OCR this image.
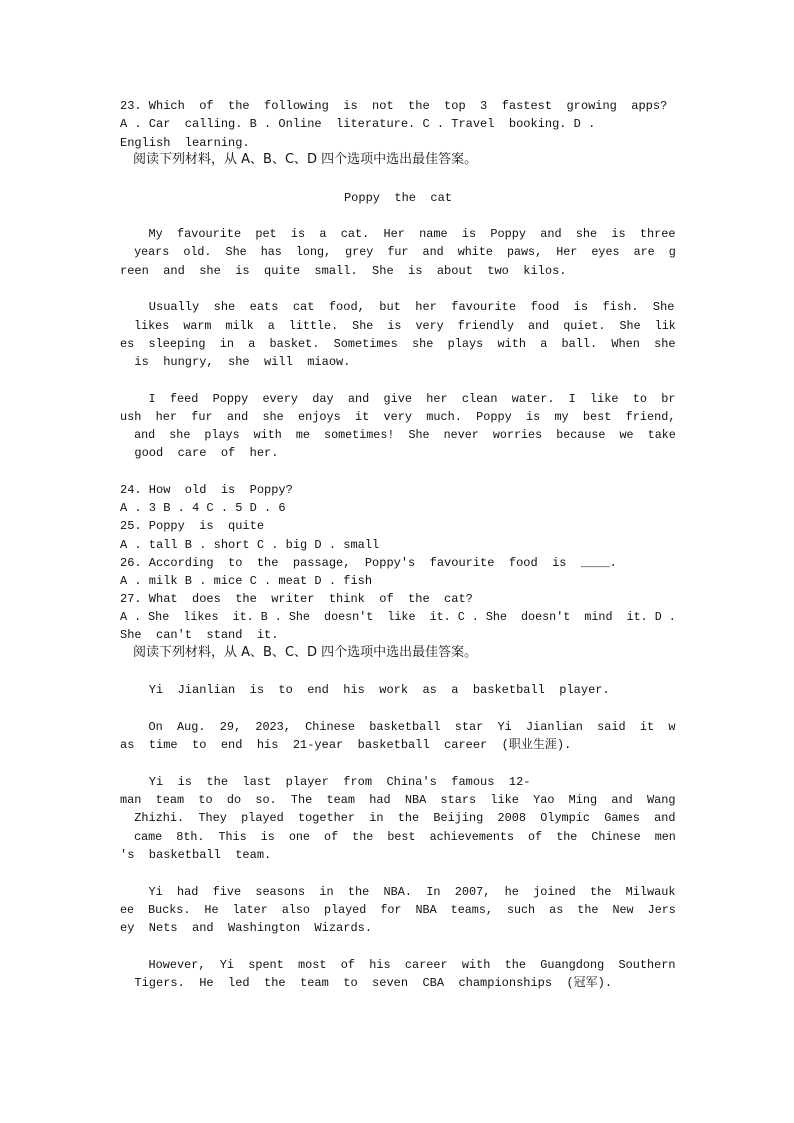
23. Which  of  the  following  is  not  the  top  3  fastest  growing  apps?
A . Car  calling. B . Online  literature. C . Travel  booking. D .
English  learning.
阅读下列材料，从 A、B、C、D 四个选项中选出最佳答案。
Poppy  the  cat
My  favourite  pet  is  a  cat.  Her  name  is  Poppy  and  she  is  three
years  old.  She  has  long,  grey  fur  and  white  paws,  Her  eyes  are  g
reen  and  she  is  quite  small.  She  is  about  two  kilos.
Usually  she  eats  cat  food,  but  her  favourite  food  is  fish.  She
likes  warm  milk  a  little.  She  is  very  friendly  and  quiet.  She  lik
es  sleeping  in  a  basket.  Sometimes  she  plays  with  a  ball.  When  she
is  hungry,  she  will  miaow.
I  feed  Poppy  every  day  and  give  her  clean  water.  I  like  to  br
ush  her  fur  and  she  enjoys  it  very  much.  Poppy  is  my  best  friend,
and  she  plays  with  me  sometimes!  She  never  worries  because  we  take
good  care  of  her.
24. How  old  is  Poppy?
A . 3 B . 4 C . 5 D . 6
25. Poppy  is  quite
A . tall B . short C . big D . small
26. According  to  the  passage,  Poppy's  favourite  food  is  ____.
A . milk B . mice C . meat D . fish
27. What  does  the  writer  think  of  the  cat?
A . She  likes  it. B . She  doesn't  like  it. C . She  doesn't  mind  it. D .
She  can't  stand  it.
阅读下列材料，从 A、B、C、D 四个选项中选出最佳答案。
Yi  Jianlian  is  to  end  his  work  as  a  basketball  player.
On  Aug.  29,  2023,  Chinese  basketball  star  Yi  Jianlian  said  it  w
as  time  to  end  his  21-year  basketball  career  (职业生涯).
Yi  is  the  last  player  from  China's  famous  12-
man  team  to  do  so.  The  team  had  NBA  stars  like  Yao  Ming  and  Wang
Zhizhi.  They  played  together  in  the  Beijing  2008  Olympic  Games  and
came  8th.  This  is  one  of  the  best  achievements  of  the  Chinese  men
's  basketball  team.
Yi  had  five  seasons  in  the  NBA.  In  2007,  he  joined  the  Milwauk
ee  Bucks.  He  later  also  played  for  NBA  teams,  such  as  the  New  Jers
ey  Nets  and  Washington  Wizards.
However,  Yi  spent  most  of  his  career  with  the  Guangdong  Southern
Tigers.  He  led  the  team  to  seven  CBA  championships  (冠军).
